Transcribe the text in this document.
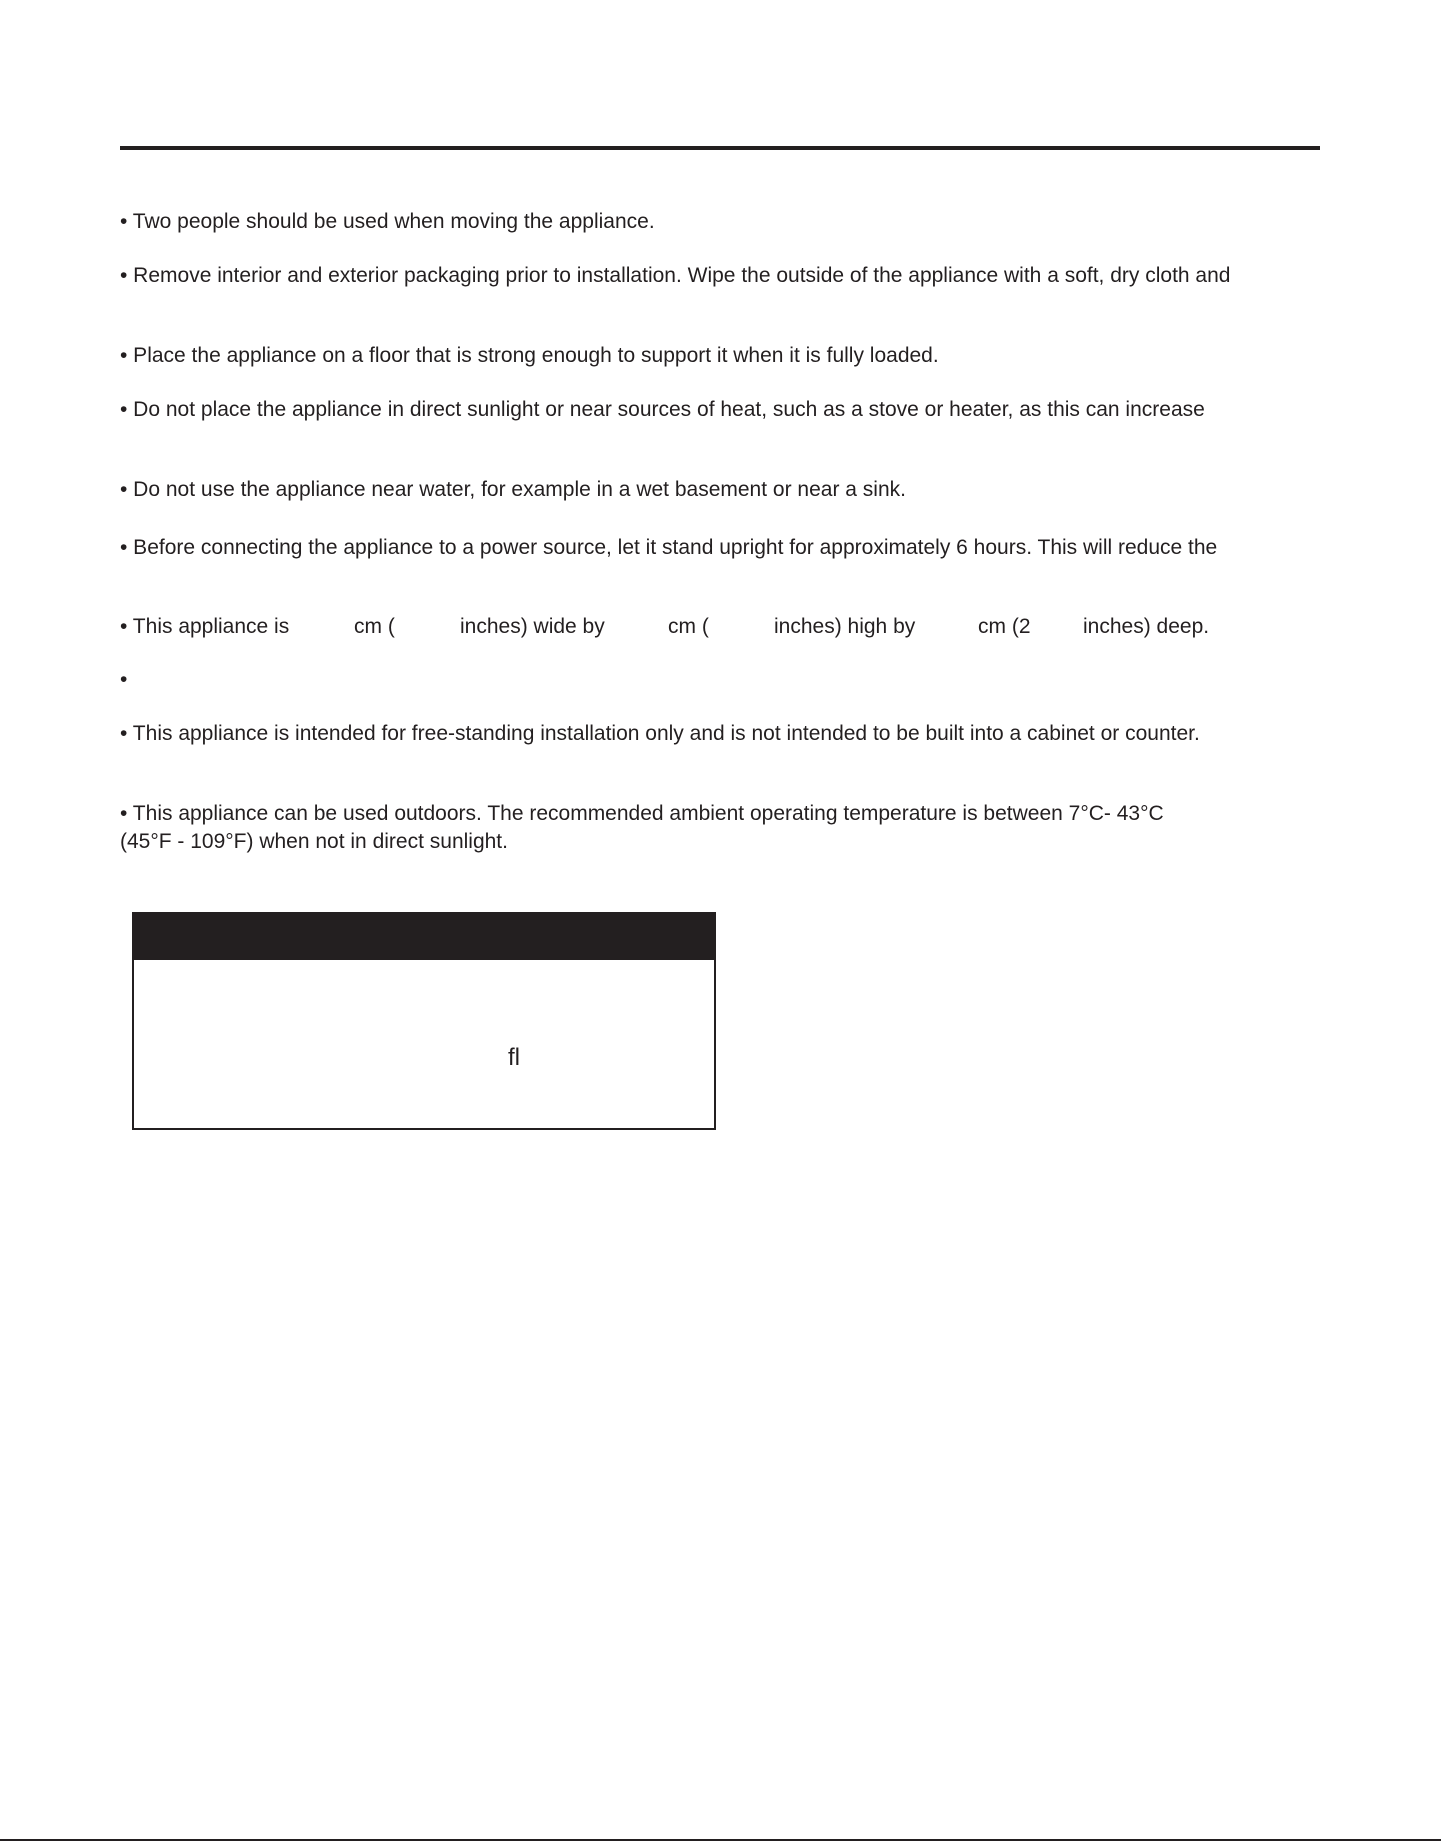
• Two people should be used when moving the appliance.

• Remove interior and exterior packaging prior to installation. Wipe the outside of the appliance with a soft, dry cloth and

• Place the appliance on a floor that is strong enough to support it when it is fully loaded.

• Do not place the appliance in direct sunlight or near sources of heat, such as a stove or heater, as this can increase

• Do not use the appliance near water, for example in a wet basement or near a sink.

• Before connecting the appliance to a power source, let it stand upright for approximately 6 hours. This will reduce the

• This appliance is	cm (	inches) wide by	cm (	inches) high by	cm (2	inches) deep.

•

• This appliance is intended for free-standing installation only and is not intended to be built into a cabinet or counter.

• This appliance can be used outdoors. The recommended ambient operating temperature is between 7°C- 43°C

(45°F - 109°F) when not in direct sunlight.

ﬂ
